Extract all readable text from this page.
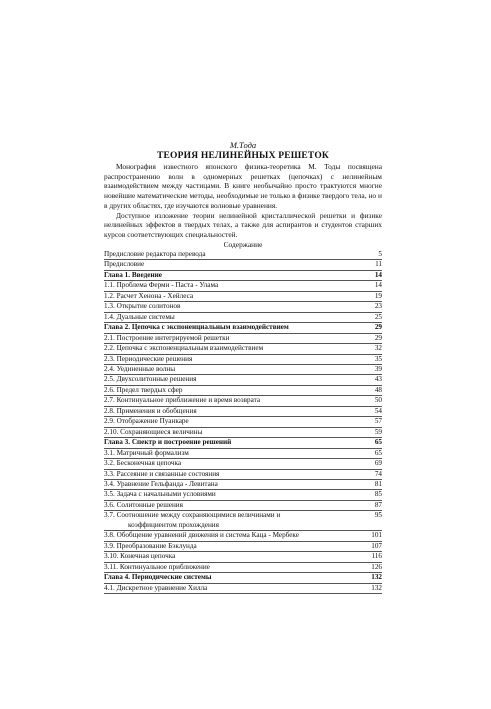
М.Тода
ТЕОРИЯ НЕЛИНЕЙНЫХ РЕШЕТОК

Монография известного японского физика-теоретика М. Тоды посвящена распространению волн в одномерных решетках (цепочках) с нелинейным взаимодействием между частицами. В книге необычайно просто трактуются многие новейшие математические методы, необходимые не только в физике твердого тела, но и в других областях, где изучаются волновые уравнения.

Доступное изложение теории нелинейной кристаллической решетки и физике нелинейных эффектов в твердых телах, а также для аспирантов и студентов старших курсов соответствующих специальностей.

Содержание
Предисловие редактора перевода	5
Предисловие	11
Глава 1. Введение	14
1.1. Проблема Ферми - Паста - Улама	14
1.2. Расчет Хенона - Хейлеса	19
1.3. Открытие солитонов	23
1.4. Дуальные системы	25
Глава 2. Цепочка с экспоненциальным взаимодействием	29
2.1. Построение интегрируемой решетки	29
2.2. Цепочка с экспоненциальным взаимодействием	32
2.3. Периодические решения	35
2.4. Уединенные волны	39
2.5. Двухсолитонные решения	43
2.6. Предел твердых сфер	48
2.7. Континуальное приближение и время возврата	50
2.8. Применения и обобщения	54
2.9. Отображение Пуанкаре	57
2.10. Сохраняющиеся величины	59
Глава 3. Спектр и построение решений	65
3.1. Матричный формализм	65
3.2. Бесконечная цепочка	69
3.3. Рассеяние и связанные состояния	74
3.4. Уравнение Гельфанда - Левитана	81
3.5. Задача с начальными условиями	85
3.6. Солитонные решения	87
3.7. Соотношение между сохраняющимися величинами и	95
коэффициентом прохождения
3.8. Обобщение уравнений движения и система Каца - Мербеке	101
3.9. Преобразование Бэклунда	107
3.10. Конечная цепочка	116
3.11. Континуальное приближение	126
Глава 4. Периодические системы	132
4.1. Дискретное уравнение Хилла	132
